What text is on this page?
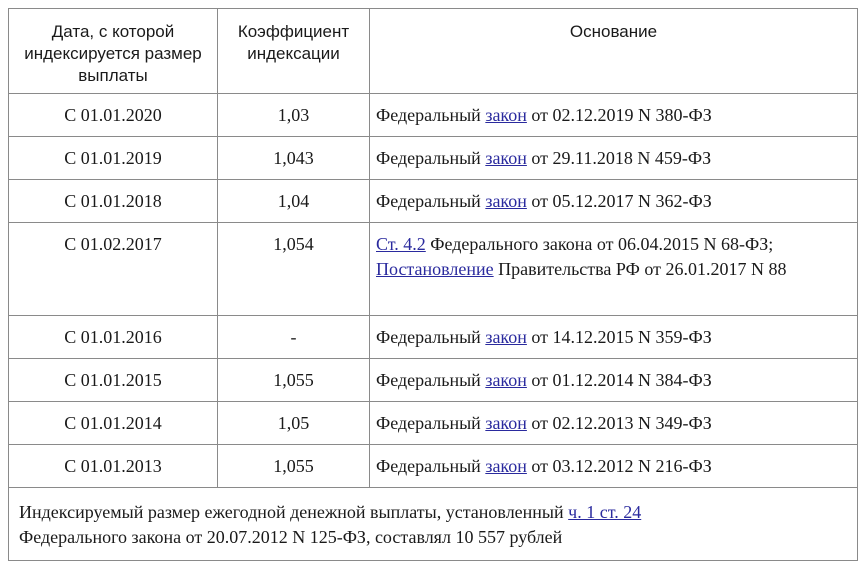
Дата, с которой индексируется размер выплаты	Коэффициент индексации	Основание
С 01.01.2020	1,03	Федеральный закон от 02.12.2019 N 380-ФЗ
С 01.01.2019	1,043	Федеральный закон от 29.11.2018 N 459-ФЗ
С 01.01.2018	1,04	Федеральный закон от 05.12.2017 N 362-ФЗ
С 01.02.2017	1,054	Ст. 4.2 Федерального закона от 06.04.2015 N 68-ФЗ;
Постановление Правительства РФ от 26.01.2017 N 88
С 01.01.2016	-	Федеральный закон от 14.12.2015 N 359-ФЗ
С 01.01.2015	1,055	Федеральный закон от 01.12.2014 N 384-ФЗ
С 01.01.2014	1,05	Федеральный закон от 02.12.2013 N 349-ФЗ
С 01.01.2013	1,055	Федеральный закон от 03.12.2012 N 216-ФЗ
Индексируемый размер ежегодной денежной выплаты, установленный ч. 1 ст. 24
Федерального закона от 20.07.2012 N 125-ФЗ, составлял 10 557 рублей		
